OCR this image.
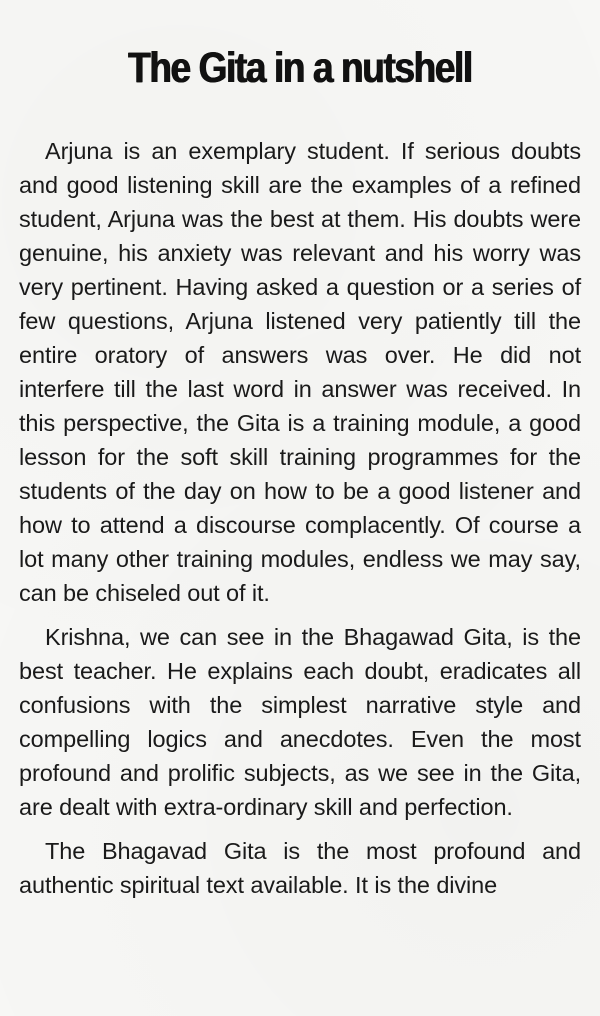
The Gita in a nutshell

Arjuna is an exemplary student. If serious doubts and good listening skill are the examples of a refined student, Arjuna was the best at them. His doubts were genuine, his anxiety was relevant and his worry was very pertinent. Having asked a question or a series of few questions, Arjuna listened very patiently till the entire oratory of answers was over. He did not interfere till the last word in answer was received. In this perspective, the Gita is a training module, a good lesson for the soft skill training programmes for the students of the day on how to be a good listener and how to attend a discourse complacently. Of course a lot many other training modules, endless we may say, can be chiseled out of it.

Krishna, we can see in the Bhagawad Gita, is the best teacher. He explains each doubt, eradicates all confusions with the simplest narrative style and compelling logics and anecdotes. Even the most profound and prolific subjects, as we see in the Gita, are dealt with extra-ordinary skill and perfection.

The Bhagavad Gita is the most profound and authentic spiritual text available. It is the divine
